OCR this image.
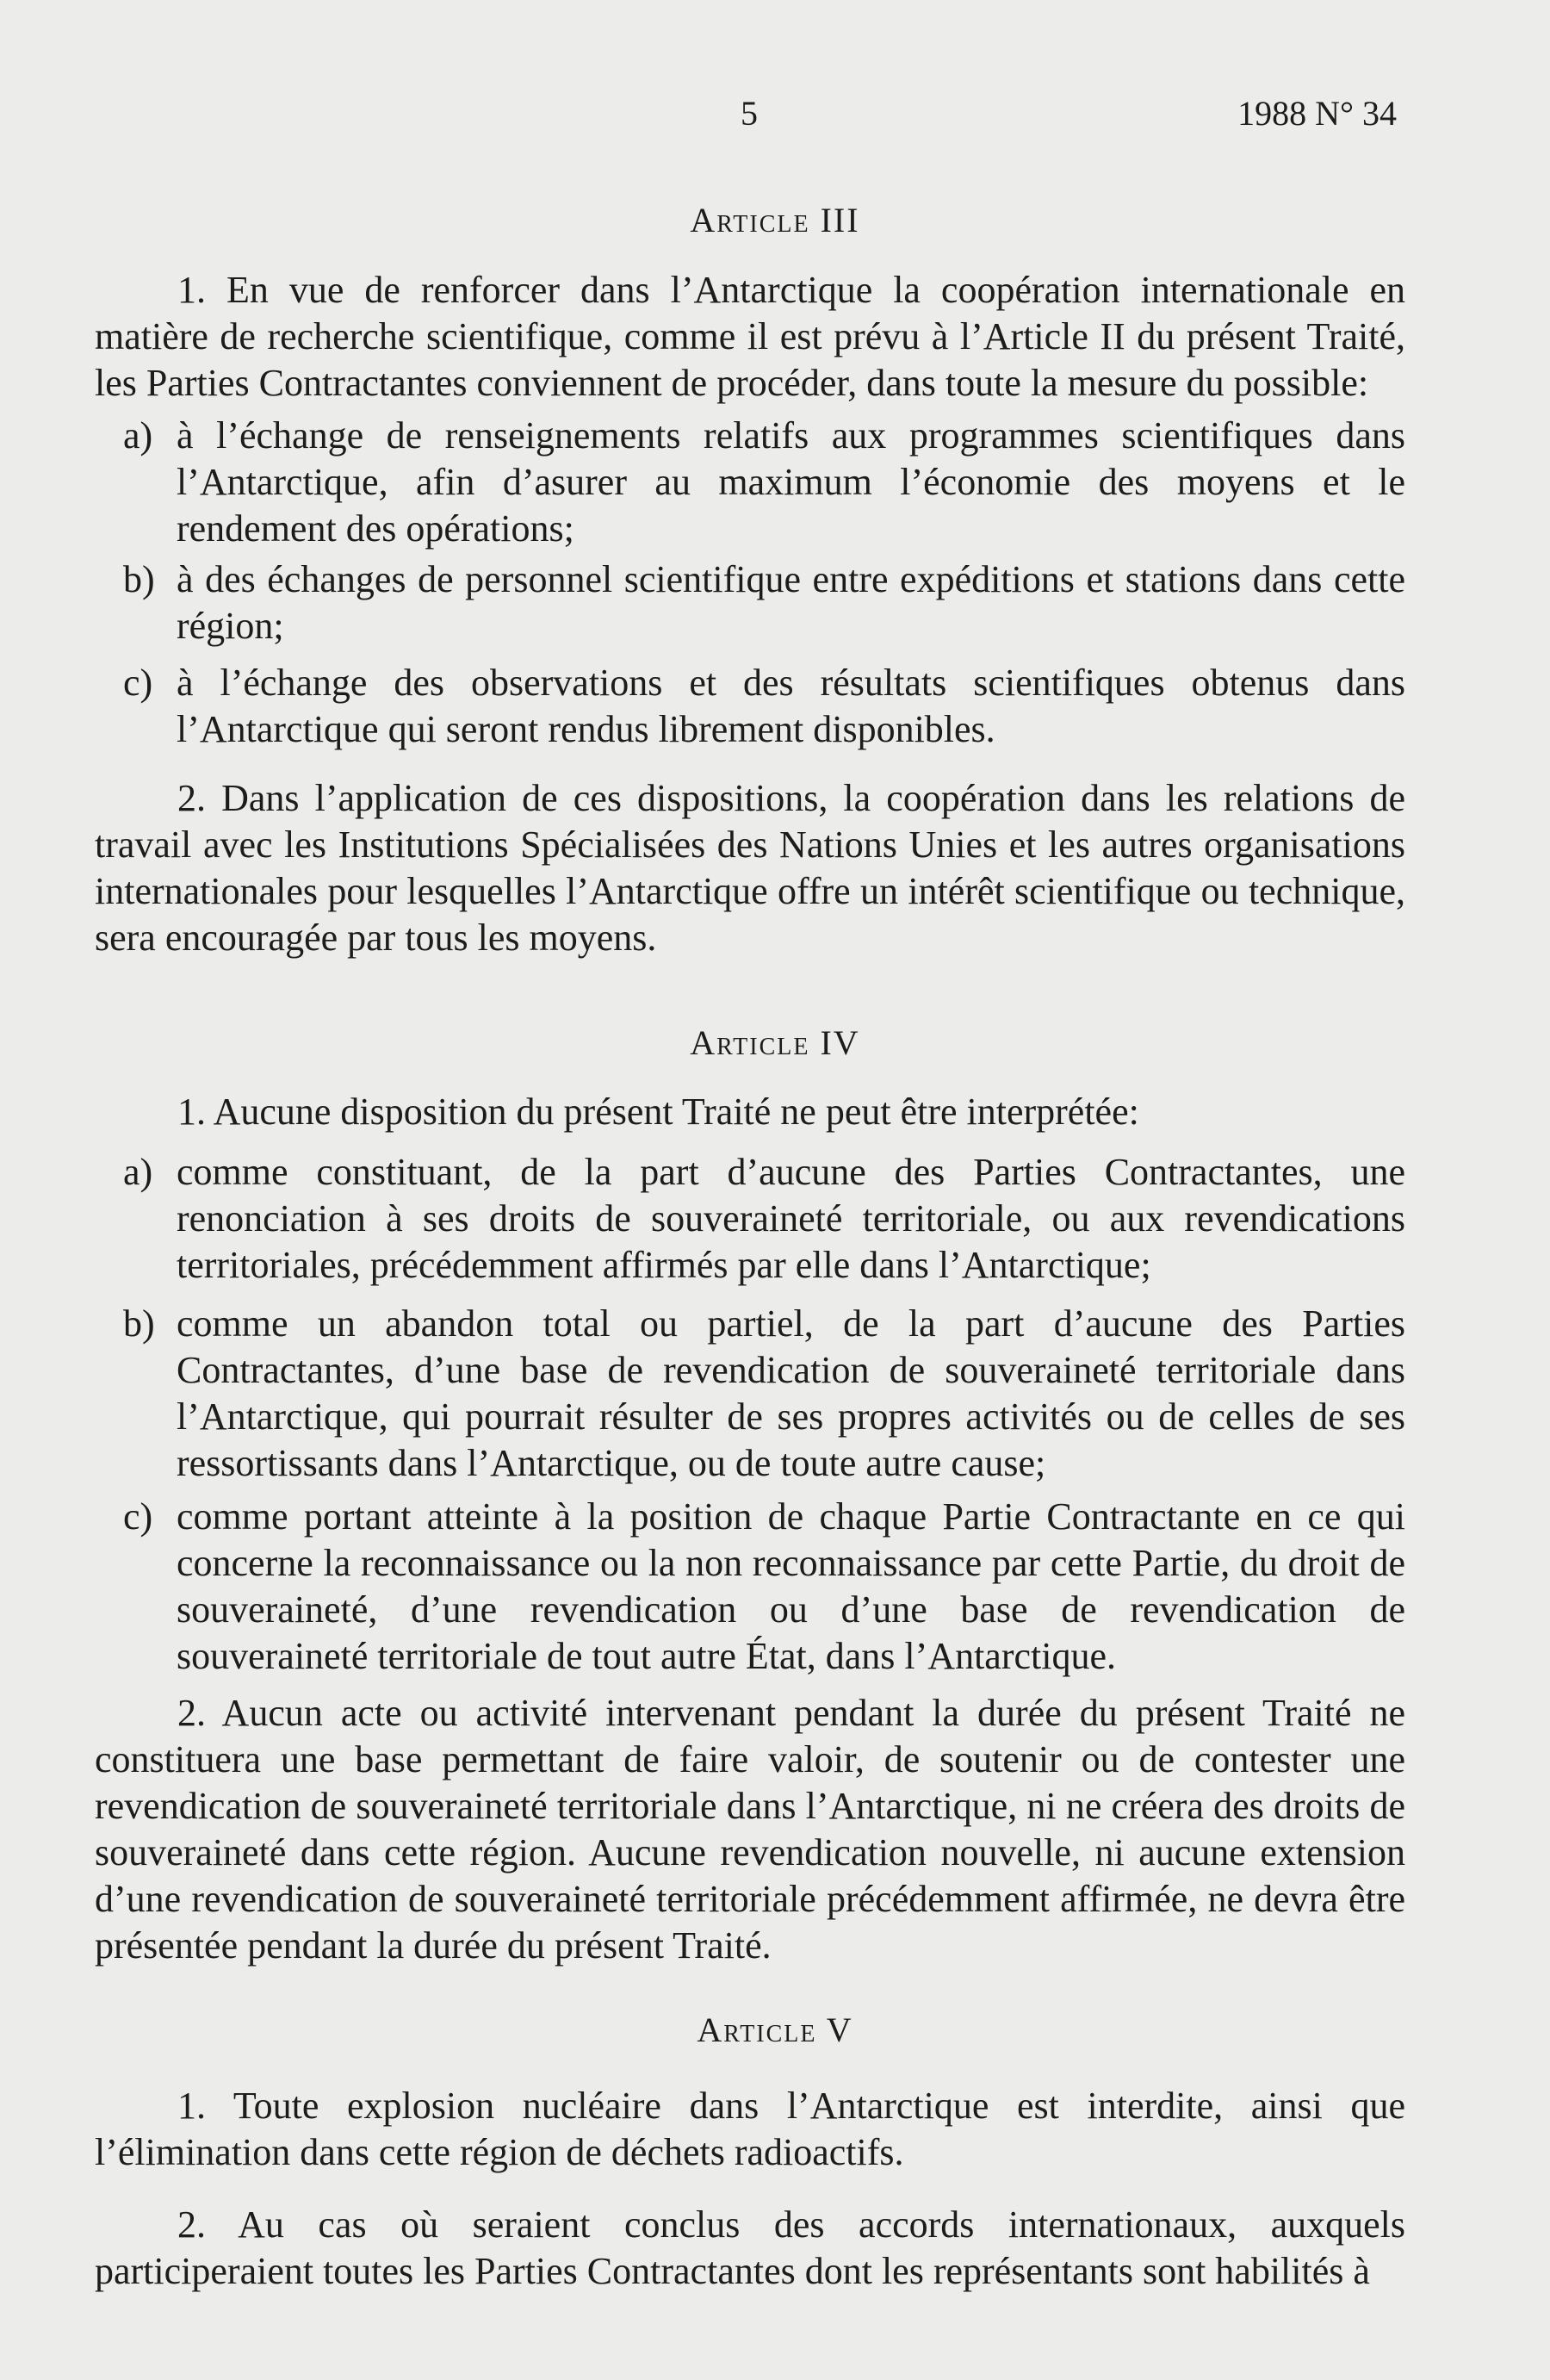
5	1988 N° 34
Article III
1. En vue de renforcer dans l’Antarctique la coopération internationale en matière de recherche scientifique, comme il est prévu à l’Article II du présent Traité, les Parties Contractantes conviennent de procéder, dans toute la mesure du possible:
a) à l’échange de renseignements relatifs aux programmes scientifiques dans l’Antarctique, afin d’asurer au maximum l’économie des moyens et le rendement des opérations;
b) à des échanges de personnel scientifique entre expéditions et stations dans cette région;
c) à l’échange des observations et des résultats scientifiques obtenus dans l’Antarctique qui seront rendus librement disponibles.
2. Dans l’application de ces dispositions, la coopération dans les relations de travail avec les Institutions Spécialisées des Nations Unies et les autres organisations internationales pour lesquelles l’Antarctique offre un intérêt scientifique ou technique, sera encouragée par tous les moyens.
Article IV
1. Aucune disposition du présent Traité ne peut être interprétée:
a) comme constituant, de la part d’aucune des Parties Contractantes, une renonciation à ses droits de souveraineté territoriale, ou aux revendications territoriales, précédemment affirmés par elle dans l’Antarctique;
b) comme un abandon total ou partiel, de la part d’aucune des Parties Contractantes, d’une base de revendication de souveraineté territoriale dans l’Antarctique, qui pourrait résulter de ses propres activités ou de celles de ses ressortissants dans l’Antarctique, ou de toute autre cause;
c) comme portant atteinte à la position de chaque Partie Contractante en ce qui concerne la reconnaissance ou la non reconnaissance par cette Partie, du droit de souveraineté, d’une revendication ou d’une base de revendication de souveraineté territoriale de tout autre État, dans l’Antarctique.
2. Aucun acte ou activité intervenant pendant la durée du présent Traité ne constituera une base permettant de faire valoir, de soutenir ou de contester une revendication de souveraineté territoriale dans l’Antarctique, ni ne créera des droits de souveraineté dans cette région. Aucune revendication nouvelle, ni aucune extension d’une revendication de souveraineté territoriale précédemment affirmée, ne devra être présentée pendant la durée du présent Traité.
Article V
1. Toute explosion nucléaire dans l’Antarctique est interdite, ainsi que l’élimination dans cette région de déchets radioactifs.
2. Au cas où seraient conclus des accords internationaux, auxquels participeraient toutes les Parties Contractantes dont les représentants sont habilités à
